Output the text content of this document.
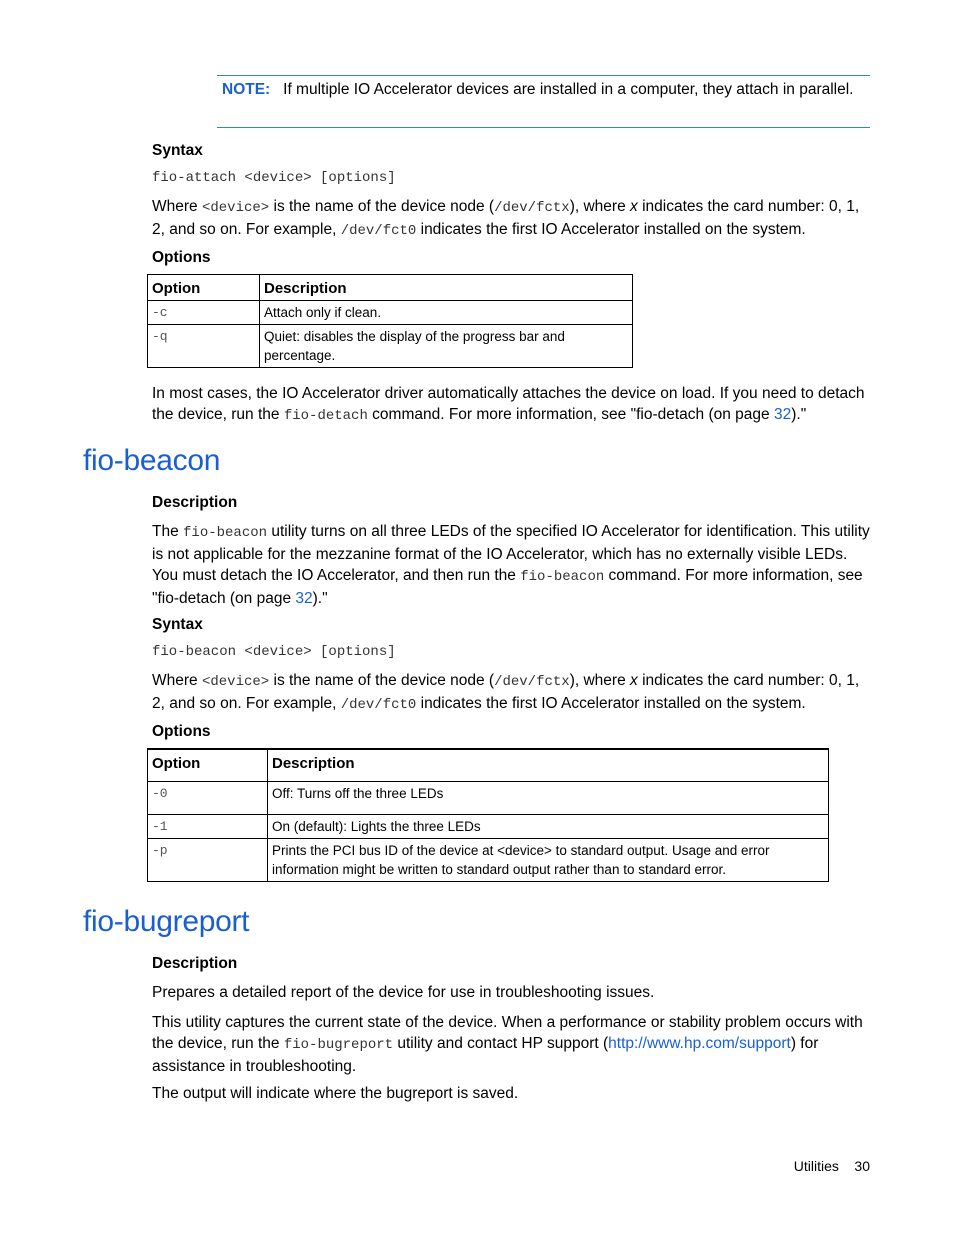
NOTE: If multiple IO Accelerator devices are installed in a computer, they attach in parallel.
Syntax
fio-attach <device> [options]
Where <device> is the name of the device node (/dev/fctx), where x indicates the card number: 0, 1, 2, and so on. For example, /dev/fct0 indicates the first IO Accelerator installed on the system.
Options
Option	Description
-c	Attach only if clean.
-q	Quiet: disables the display of the progress bar and percentage.
In most cases, the IO Accelerator driver automatically attaches the device on load. If you need to detach the device, run the fio-detach command. For more information, see "fio-detach (on page 32)."
fio-beacon
Description
The fio-beacon utility turns on all three LEDs of the specified IO Accelerator for identification. This utility is not applicable for the mezzanine format of the IO Accelerator, which has no externally visible LEDs. You must detach the IO Accelerator, and then run the fio-beacon command. For more information, see "fio-detach (on page 32)."
Syntax
fio-beacon <device> [options]
Where <device> is the name of the device node (/dev/fctx), where x indicates the card number: 0, 1, 2, and so on. For example, /dev/fct0 indicates the first IO Accelerator installed on the system.
Options
Option	Description
-0	Off: Turns off the three LEDs
-1	On (default): Lights the three LEDs
-p	Prints the PCI bus ID of the device at <device> to standard output. Usage and error information might be written to standard output rather than to standard error.
fio-bugreport
Description
Prepares a detailed report of the device for use in troubleshooting issues.
This utility captures the current state of the device. When a performance or stability problem occurs with the device, run the fio-bugreport utility and contact HP support (http://www.hp.com/support) for assistance in troubleshooting.
The output will indicate where the bugreport is saved.
Utilities 30
